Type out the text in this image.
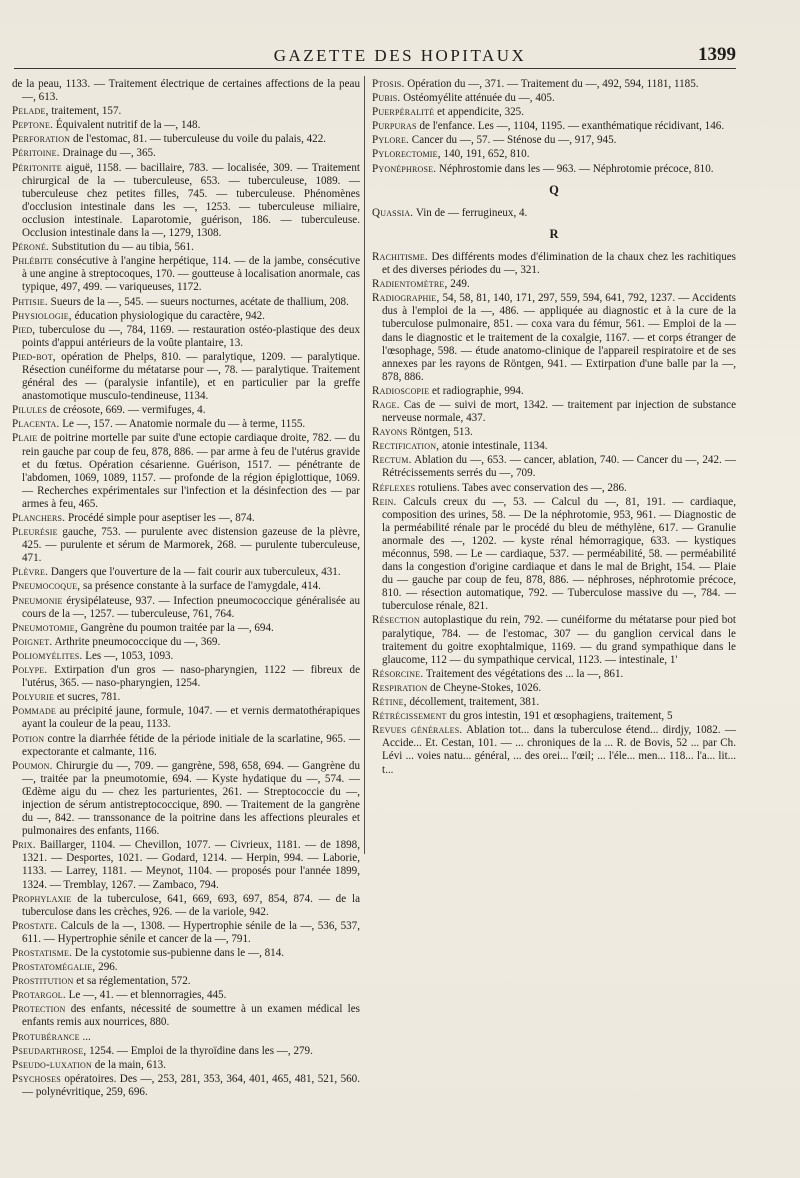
GAZETTE DES HOPITAUX	1399
de la peau, 1133. — Traitement électrique de certaines affections de la peau —, 613.
Pelade, traitement, 157.
Peptone. Équivalent nutritif de la —, 148.
Perforation de l'estomac, 81. — tuberculeuse du voile du palais, 422.
Péritoine. Drainage du —, 365.
Péritonite aiguë, 1158. — bacillaire, 783. — localisée, 309. — Traitement chirurgical de la — tuberculeuse, 653. — tuberculeuse, 1089. — tuberculeuse chez petites filles, 745. — tuberculeuse. Phénomènes d'occlusion intestinale dans les —, 1253. — tuberculeuse miliaire, occlusion intestinale. Laparotomie, guérison, 186. — tuberculeuse. Occlusion intestinale dans la —, 1279, 1308.
Péroné. Substitution du — au tibia, 561.
Phlébite consécutive à l'angine herpétique, 114. — de la jambe, consécutive à une angine à streptocoques, 170. — goutteuse à localisation anormale, cas typique, 497, 499. — variqueuses, 1172.
Phtisie. Sueurs de la —, 545. — sueurs nocturnes, acétate de thallium, 208.
Physiologie, éducation physiologique du caractère, 942.
Pied, tuberculose du —, 784, 1169. — restauration ostéo-plastique des deux points d'appui antérieurs de la voûte plantaire, 13.
Pied-bot, opération de Phelps, 810. — paralytique, 1209. — paralytique. Résection cunéiforme du métatarse pour —, 78. — paralytique. Traitement général des — (paralysie infantile), et en particulier par la greffe anastomotique musculo-tendineuse, 1134.
Pilules de créosote, 669. — vermifuges, 4.
Placenta. Le —, 157. — Anatomie normale du — à terme, 1155.
Plaie de poitrine mortelle par suite d'une ectopie cardiaque droite, 782. — du rein gauche par coup de feu, 878, 886. — par arme à feu de l'utérus gravide et du fœtus. Opération césarienne. Guérison, 1517. — pénétrante de l'abdomen, 1069, 1089, 1157. — profonde de la région épiglottique, 1069. — Recherches expérimentales sur l'infection et la désinfection des — par armes à feu, 465.
Planchers. Procédé simple pour aseptiser les —, 874.
Pleurésie gauche, 753. — purulente avec distension gazeuse de la plèvre, 425. — purulente et sérum de Marmorek, 268. — purulente tuberculeuse, 471.
Plèvre. Dangers que l'ouverture de la — fait courir aux tuberculeux, 431.
Pneumocoque, sa présence constante à la surface de l'amygdale, 414.
Pneumonie érysipélateuse, 937. — Infection pneumococcique généralisée au cours de la —, 1257. — tuberculeuse, 761, 764.
Pneumotomie, Gangrène du poumon traitée par la —, 694.
Poignet. Arthrite pneumococcique du —, 369.
Poliomyélites. Les —, 1053, 1093.
Polype. Extirpation d'un gros — naso-pharyngien, 1122 — fibreux de l'utérus, 365. — naso-pharyngien, 1254.
Polyurie et sucres, 781.
Pommade au précipité jaune, formule, 1047. — et vernis dermatothérapiques ayant la couleur de la peau, 1133.
Potion contre la diarrhée fétide de la période initiale de la scarlatine, 965. — expectorante et calmante, 116.
Poumon. Chirurgie du —, 709. — gangrène, 598, 658, 694. — Gangrène du —, traitée par la pneumotomie, 694. — Kyste hydatique du —, 574. — Œdème aigu du — chez les parturientes, 261. — Streptococcie du —, injection de sérum antistreptococcique, 890. — Traitement de la gangrène du —, 842. — transsonance de la poitrine dans les affections pleurales et pulmonaires des enfants, 1166.
Prix. Baillarger, 1104. — Chevillon, 1077. — Civrieux, 1181. — de 1898, 1321. — Desportes, 1021. — Godard, 1214. — Herpin, 994. — Laborie, 1133. — Larrey, 1181. — Meynot, 1104. — proposés pour l'année 1899, 1324. — Tremblay, 1267. — Zambaco, 794.
Prophylaxie de la tuberculose, 641, 669, 693, 697, 854, 874. — de la tuberculose dans les crèches, 926. — de la variole, 942.
Prostate. Calculs de la —, 1308. — Hypertrophie sénile de la —, 536, 537, 611. — Hypertrophie sénile et cancer de la —, 791.
Prostatisme. De la cystotomie sus-pubienne dans le —, 814.
Prostatomégalie, 296.
Prostitution et sa réglementation, 572.
Protargol. Le —, 41. — et blennorragies, 445.
Protection des enfants, nécessité de soumettre à un examen médical les enfants remis aux nourrices, 880.
Protubérance ...
Pseudarthrose, 1254. — Emploi de la thyroïdine dans les —, 279.
Pseudo-luxation de la main, 613.
Psychoses opératoires. Des —, 253, 281, 353, 364, 401, 465, 481, 521, 560. — polynévritique, 259, 696.
Ptosis. Opération du —, 371. — Traitement du —, 492, 594, 1181, 1185.
Pubis. Ostéomyélite atténuée du —, 405.
Puerpéralité et appendicite, 325.
Purpuras de l'enfance. Les —, 1104, 1195. — exanthématique récidivant, 146.
Pylore. Cancer du —, 57. — Sténose du —, 917, 945.
Pylorectomie, 140, 191, 652, 810.
Pyonéphrose. Néphrostomie dans les — 963. — Néphrotomie précoce, 810.
Q
Quassia. Vin de — ferrugineux, 4.
R
Rachitisme. Des différents modes d'élimination de la chaux chez les rachitiques et des diverses périodes du —, 321.
Radientomètre, 249.
Radiographie, 54, 58, 81, 140, 171, 297, 559, 594, 641, 792, 1237. — Accidents dus à l'emploi de la —, 486. — appliquée au diagnostic et à la cure de la tuberculose pulmonaire, 851. — coxa vara du fémur, 561. — Emploi de la — dans le diagnostic et le traitement de la coxalgie, 1167. — et corps étranger de l'œsophage, 598. — étude anatomo-clinique de l'appareil respiratoire et de ses annexes par les rayons de Röntgen, 941. — Extirpation d'une balle par la —, 878, 886.
Radioscopie et radiographie, 994.
Rage. Cas de — suivi de mort, 1342. — traitement par injection de substance nerveuse normale, 437.
Rayons Röntgen, 513.
Rectification, atonie intestinale, 1134.
Rectum. Ablation du —, 653. — cancer, ablation, 740. — Cancer du —, 242. — Rétrécissements serrés du —, 709.
Réflexes rotuliens. Tabes avec conservation des —, 286.
Rein. Calculs creux du —, 53. — Calcul du —, 81, 191. — cardiaque, composition des urines, 58. — De la néphrotomie, 953, 961. — Diagnostic de la perméabilité rénale par le procédé du bleu de méthylène, 617. — Granulie anormale des —, 1202. — kyste rénal hémorragique, 633. — kystiques méconnus, 598. — Le — cardiaque, 537. — perméabilité, 58. — perméabilité dans la congestion d'origine cardiaque et dans le mal de Bright, 154. — Plaie du — gauche par coup de feu, 878, 886. — néphroses, néphrotomie précoce, 810. — résection automatique, 792. — Tuberculose massive du —, 784. — tuberculose rénale, 821.
Résection autoplastique du rein, 792. — cunéiforme du métatarse pour pied bot paralytique, 784. — de l'estomac, 307 — du ganglion cervical dans le traitement du goitre exophtalmique, 1169. — du grand sympathique dans le glaucome, 112 — du sympathique cervical, 1123. — intestinale, 1'
Résorcine. Traitement des végétations des ... la —, 861.
Respiration de Cheyne-Stokes, 1026.
Rétine, décollement, traitement, 381.
Rétrécissement du gros intestin, 191 et œsophagiens, traitement, 5
Revues générales. Ablation tot... dans la tuberculose étend... dirdjy, 1082. — Accide... Et. Cestan, 101. — ... chroniques de la ... R. de Bovis, 52 ... par Ch. Lévi ... voies natu... général, ... des orei... l'œil; ... l'éle... men... 118... l'a... lit... t...
